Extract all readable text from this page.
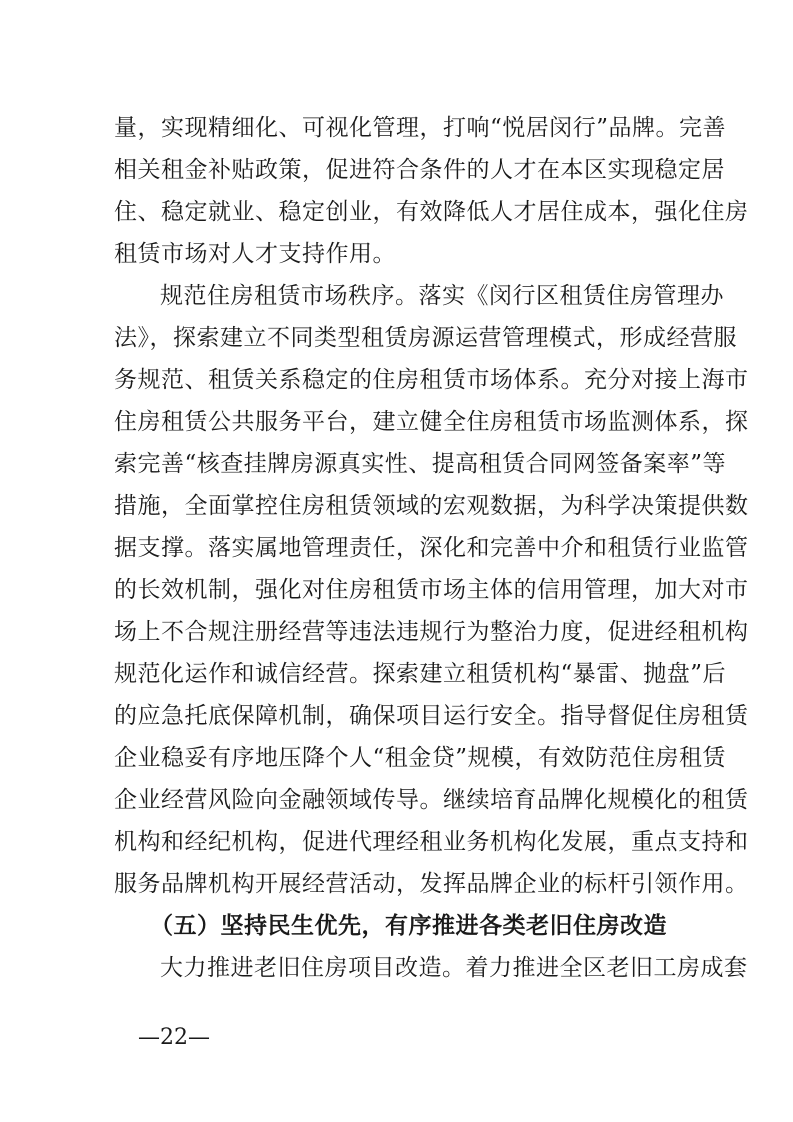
量，实现精细化、可视化管理，打响“悦居闵行”品牌。完善
相关租金补贴政策，促进符合条件的人才在本区实现稳定居
住、稳定就业、稳定创业，有效降低人才居住成本，强化住房
租赁市场对人才支持作用。
规范住房租赁市场秩序。落实《闵行区租赁住房管理办
法》，探索建立不同类型租赁房源运营管理模式，形成经营服
务规范、租赁关系稳定的住房租赁市场体系。充分对接上海市
住房租赁公共服务平台，建立健全住房租赁市场监测体系，探
索完善“核查挂牌房源真实性、提高租赁合同网签备案率”等
措施，全面掌控住房租赁领域的宏观数据，为科学决策提供数
据支撑。落实属地管理责任，深化和完善中介和租赁行业监管
的长效机制，强化对住房租赁市场主体的信用管理，加大对市
场上不合规注册经营等违法违规行为整治力度，促进经租机构
规范化运作和诚信经营。探索建立租赁机构“暴雷、抛盘”后
的应急托底保障机制，确保项目运行安全。指导督促住房租赁
企业稳妥有序地压降个人“租金贷”规模，有效防范住房租赁
企业经营风险向金融领域传导。继续培育品牌化规模化的租赁
机构和经纪机构，促进代理经租业务机构化发展，重点支持和
服务品牌机构开展经营活动，发挥品牌企业的标杆引领作用。
（五）坚持民生优先，有序推进各类老旧住房改造
大力推进老旧住房项目改造。着力推进全区老旧工房成套
—22—
